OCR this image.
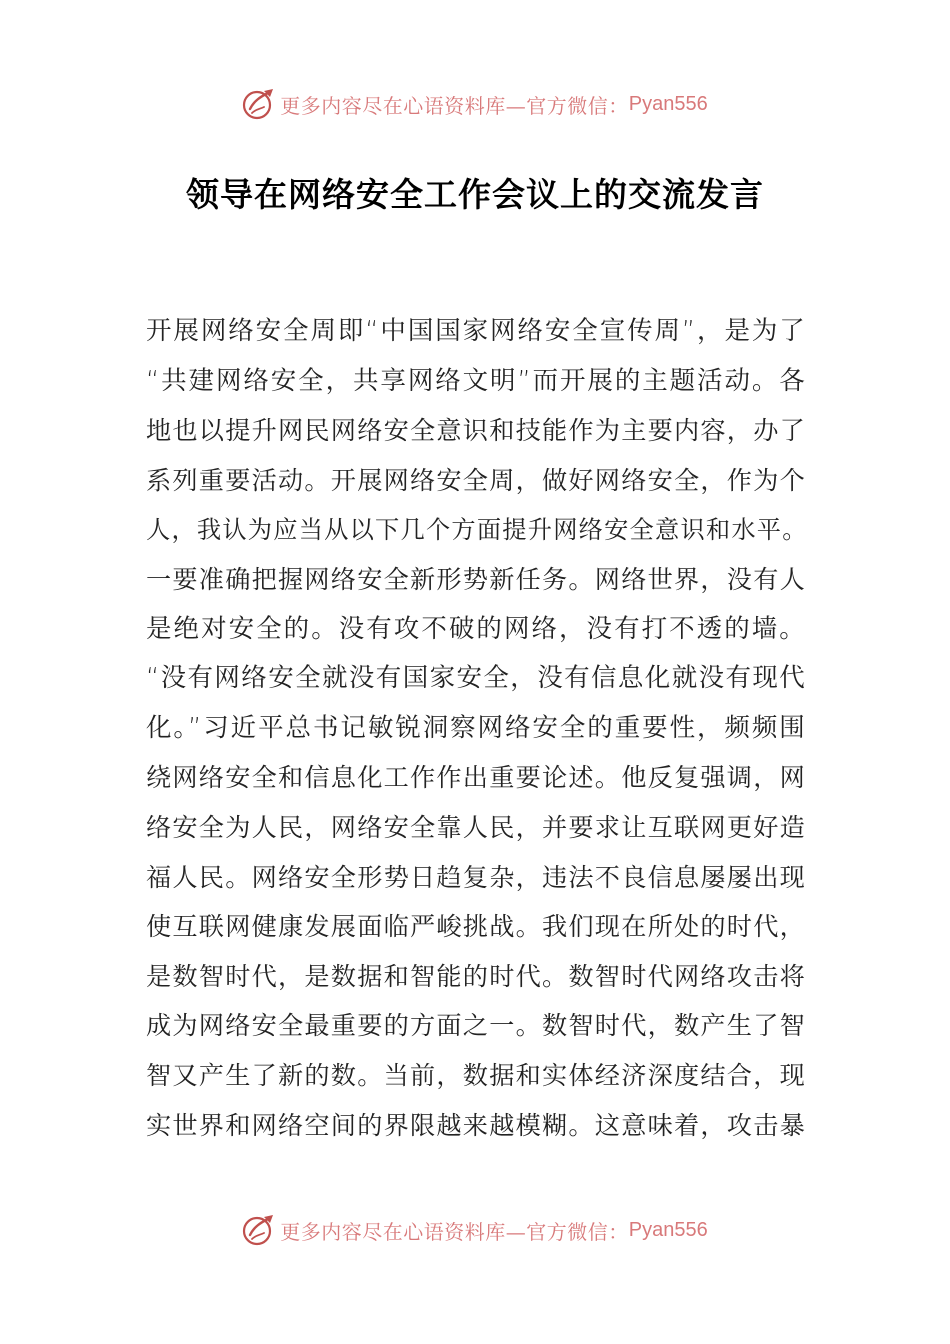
更多内容尽在心语资料库—官方微信： Pyan556
领导在网络安全工作会议上的交流发言
开展网络安全周即“中国国家网络安全宣传周”，是为了
“共建网络安全，共享网络文明”而开展的主题活动。各
地也以提升网民网络安全意识和技能作为主要内容，办了
系列重要活动。开展网络安全周，做好网络安全，作为个
人，我认为应当从以下几个方面提升网络安全意识和水平。
一要准确把握网络安全新形势新任务。网络世界，没有人
是绝对安全的。没有攻不破的网络，没有打不透的墙。
“没有网络安全就没有国家安全，没有信息化就没有现代
化。”习近平总书记敏锐洞察网络安全的重要性，频频围
绕网络安全和信息化工作作出重要论述。他反复强调，网
络安全为人民，网络安全靠人民，并要求让互联网更好造
福人民。网络安全形势日趋复杂，违法不良信息屡屡出现
使互联网健康发展面临严峻挑战。我们现在所处的时代，
是数智时代，是数据和智能的时代。数智时代网络攻击将
成为网络安全最重要的方面之一。数智时代，数产生了智
智又产生了新的数。当前，数据和实体经济深度结合，现
实世界和网络空间的界限越来越模糊。这意味着，攻击暴
更多内容尽在心语资料库—官方微信： Pyan556
